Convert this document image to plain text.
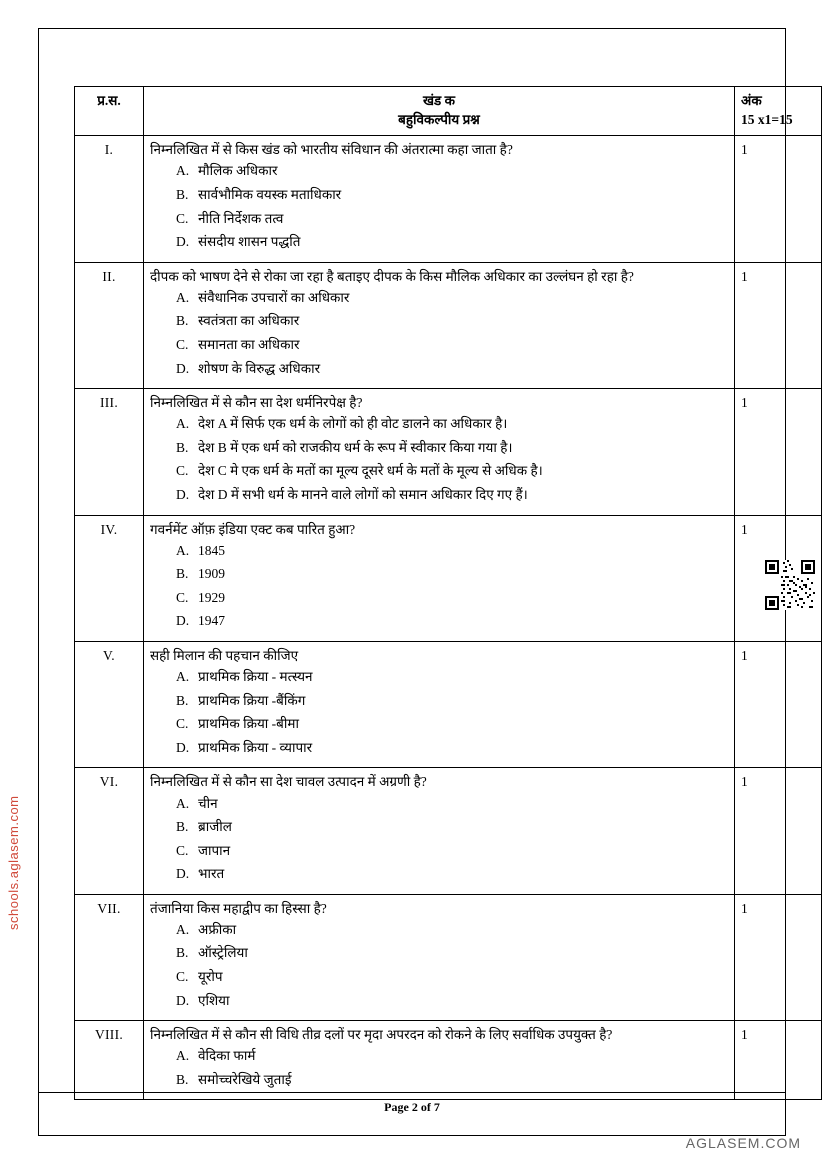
प्र.स.	खंड क
बहुविकल्पीय प्रश्न

अंक
15 x1=15

I.	निम्नलिखित में से किस खंड को भारतीय संविधान की अंतरात्मा कहा जाता है?
A. मौलिक अधिकार
B. सार्वभौमिक वयस्क मताधिकार
C. नीति निर्देशक तत्व
D. संसदीय शासन पद्धति
	1
II.	दीपक को भाषण देने से रोका जा रहा है बताइए दीपक के किस मौलिक अधिकार का उल्लंघन हो रहा है?
A. संवैधानिक उपचारों का अधिकार
B. स्वतंत्रता का अधिकार
C. समानता का अधिकार
D. शोषण के विरुद्ध अधिकार
	1
III.	निम्नलिखित में से कौन सा देश धर्मनिरपेक्ष है?
A. देश A में सिर्फ एक धर्म के लोगों को ही वोट डालने का अधिकार है।
B. देश B में एक धर्म को राजकीय धर्म के रूप में स्वीकार किया गया है।
C. देश C मे एक धर्म के मतों का मूल्य दूसरे धर्म के मतों के मूल्य से अधिक है।
D. देश D में सभी धर्म के मानने वाले लोगों को समान अधिकार दिए गए हैं।
	1
IV.	गवर्नमेंट ऑफ़ इंडिया एक्ट कब पारित हुआ?
A. 1845
B. 1909
C. 1929
D. 1947
	1
V.	सही मिलान की पहचान कीजिए
A. प्राथमिक क्रिया - मत्स्यन
B. प्राथमिक क्रिया -बैंकिंग
C. प्राथमिक क्रिया -बीमा
D. प्राथमिक क्रिया - व्यापार
	1
VI.	निम्नलिखित में से कौन सा देश चावल उत्पादन में अग्रणी है?
A. चीन
B. ब्राजील
C. जापान
D. भारत
	1
VII.	तंजानिया किस महाद्वीप का हिस्सा है?
A. अफ्रीका
B. ऑस्ट्रेलिया
C. यूरोप
D. एशिया
	1
VIII.	निम्नलिखित में से कौन सी विधि तीव्र दलों पर मृदा अपरदन को रोकने के लिए सर्वाधिक उपयुक्त है?
A. वेदिका फार्म
B. समोच्चरेखिये जुताई
	1
Page 2 of 7
schools.aglasem.com
AGLASEM.COM
